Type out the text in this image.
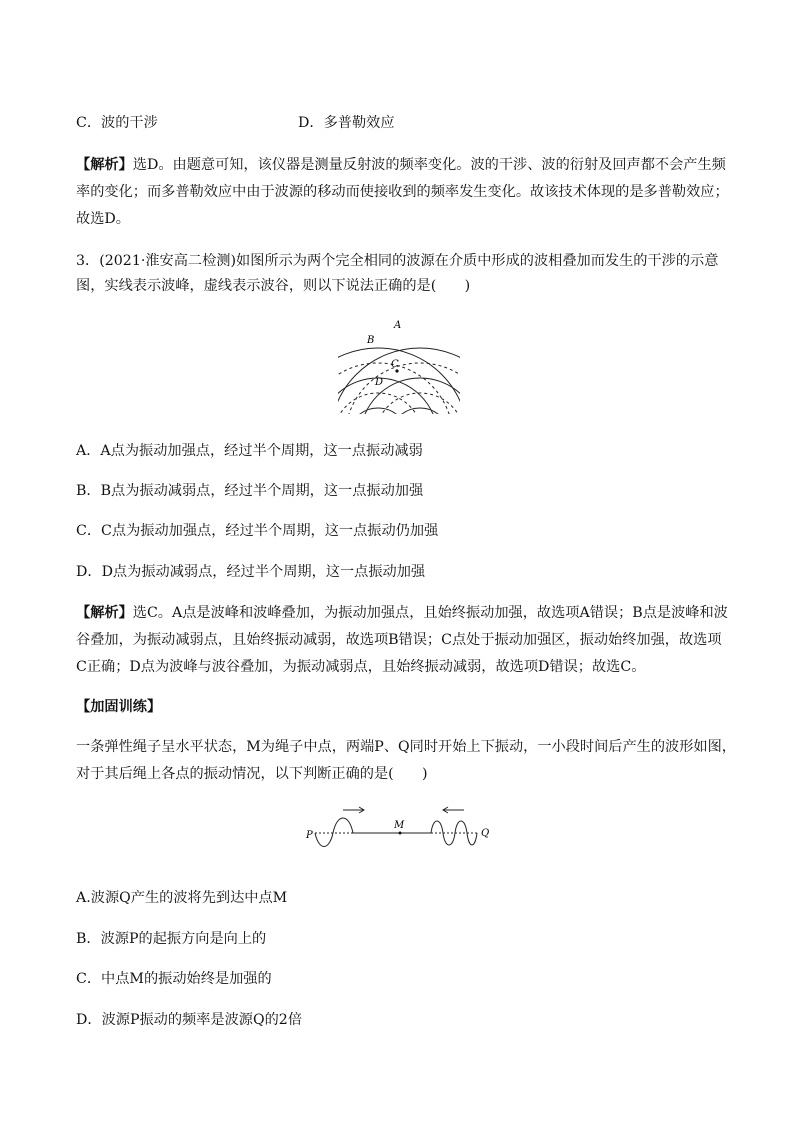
C．波的干涉	D．多普勒效应
【解析】选D。由题意可知，该仪器是测量反射波的频率变化。波的干涉、波的衍射及回声都不会产生频
率的变化；而多普勒效应中由于波源的移动而使接收到的频率发生变化。故该技术体现的是多普勒效应；
故选D。
3．(2021·淮安高二检测)如图所示为两个完全相同的波源在介质中形成的波相叠加而发生的干涉的示意
图，实线表示波峰，虚线表示波谷，则以下说法正确的是(　　)
A
B
C
D
A．A点为振动加强点，经过半个周期，这一点振动减弱
B．B点为振动减弱点，经过半个周期，这一点振动加强
C．C点为振动加强点，经过半个周期，这一点振动仍加强
D．D点为振动减弱点，经过半个周期，这一点振动加强
【解析】选C。A点是波峰和波峰叠加，为振动加强点，且始终振动加强，故选项A错误；B点是波峰和波
谷叠加，为振动减弱点，且始终振动减弱，故选项B错误；C点处于振动加强区，振动始终加强，故选项
C正确；D点为波峰与波谷叠加，为振动减弱点，且始终振动减弱，故选项D错误；故选C。
【加固训练】
一条弹性绳子呈水平状态，M为绳子中点，两端P、Q同时开始上下振动，一小段时间后产生的波形如图，
对于其后绳上各点的振动情况，以下判断正确的是(　　)
P
M
Q
A.波源Q产生的波将先到达中点M
B．波源P的起振方向是向上的
C．中点M的振动始终是加强的
D．波源P振动的频率是波源Q的2倍
